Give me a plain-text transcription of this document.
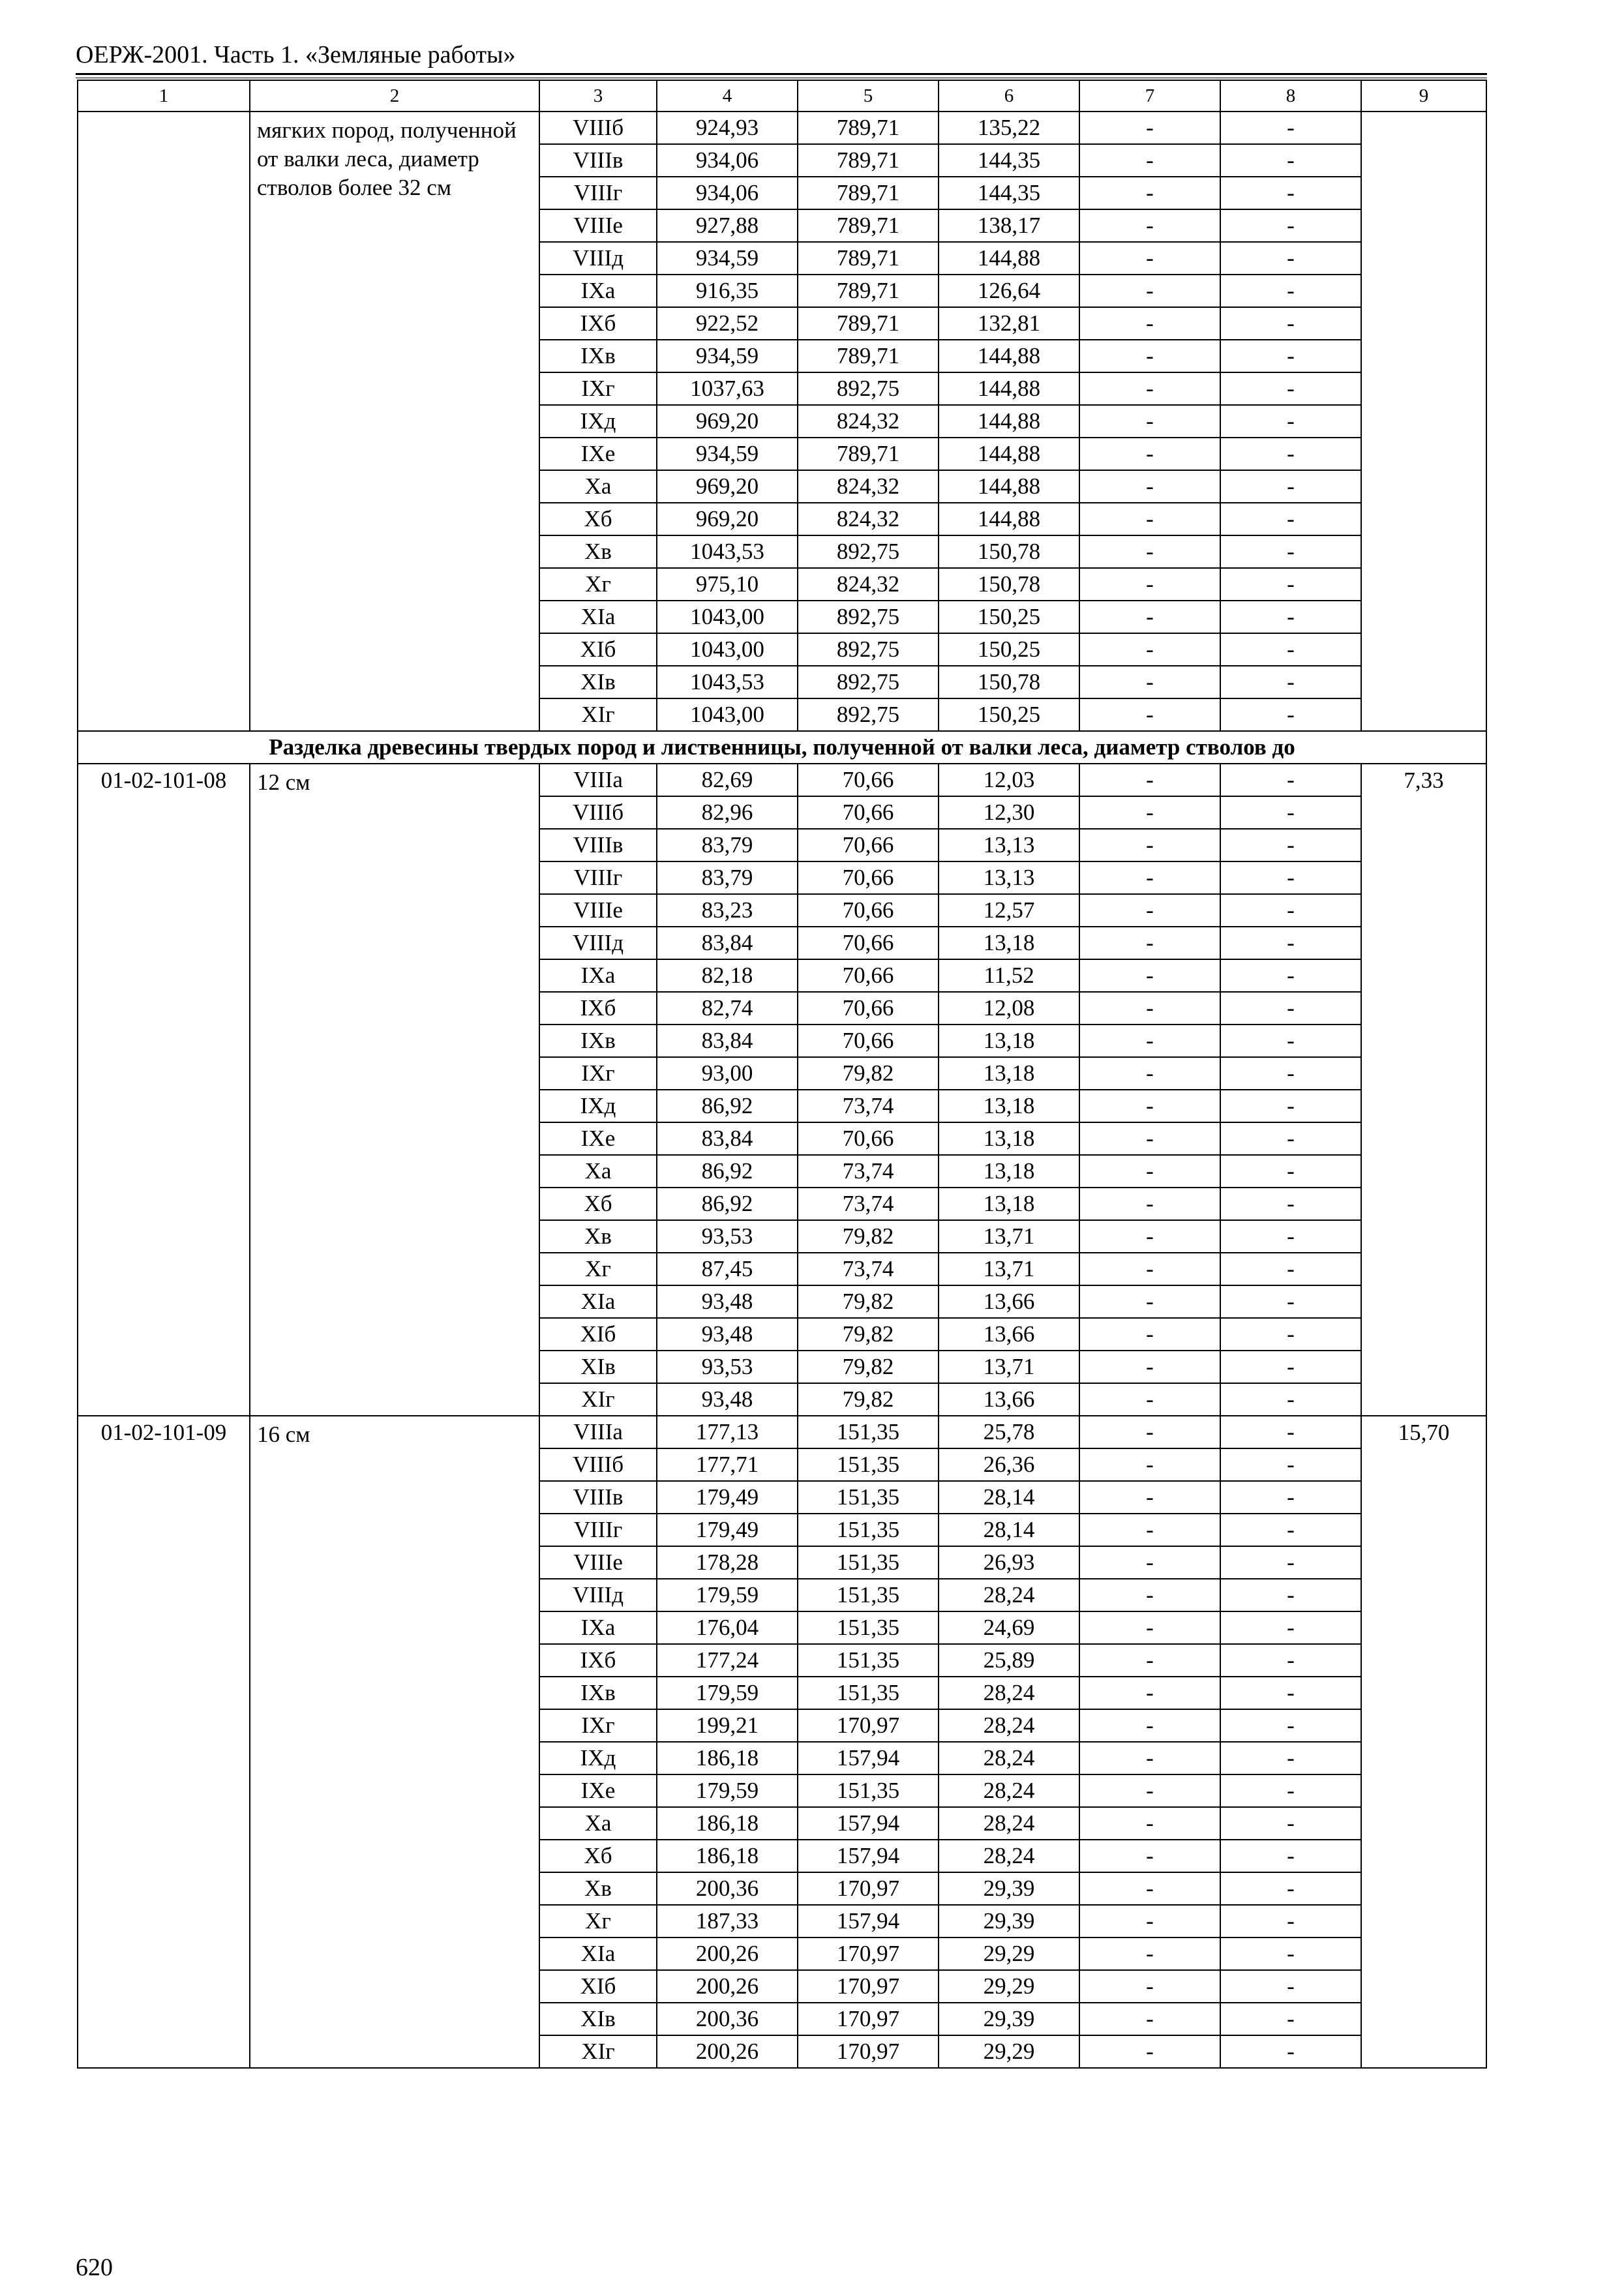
ОЕРЖ-2001. Часть 1. «Земляные работы»
1	2	3	4	5	6	7	8	9
	мягких пород, полученной от валки леса, диаметр стволов более 32 см	VIIIб	924,93	789,71	135,22	-	-	
		VIIIв	934,06	789,71	144,35	-	-	
		VIIIг	934,06	789,71	144,35	-	-	
		VIIIе	927,88	789,71	138,17	-	-	
		VIIIд	934,59	789,71	144,88	-	-	
		IXa	916,35	789,71	126,64	-	-	
		IXб	922,52	789,71	132,81	-	-	
		IXв	934,59	789,71	144,88	-	-	
		IXг	1037,63	892,75	144,88	-	-	
		IXд	969,20	824,32	144,88	-	-	
		IXе	934,59	789,71	144,88	-	-	
		Xa	969,20	824,32	144,88	-	-	
		Xб	969,20	824,32	144,88	-	-	
		Xв	1043,53	892,75	150,78	-	-	
		Xг	975,10	824,32	150,78	-	-	
		XIa	1043,00	892,75	150,25	-	-	
		XIб	1043,00	892,75	150,25	-	-	
		XIв	1043,53	892,75	150,78	-	-	
		XIг	1043,00	892,75	150,25	-	-	
Разделка древесины твердых пород и лиственницы, полученной от валки леса, диаметр стволов до								
01-02-101-08	12 см	VIIIa	82,69	70,66	12,03	-	-	7,33
		VIIIб	82,96	70,66	12,30	-	-	
		VIIIв	83,79	70,66	13,13	-	-	
		VIIIг	83,79	70,66	13,13	-	-	
		VIIIе	83,23	70,66	12,57	-	-	
		VIIIд	83,84	70,66	13,18	-	-	
		IXa	82,18	70,66	11,52	-	-	
		IXб	82,74	70,66	12,08	-	-	
		IXв	83,84	70,66	13,18	-	-	
		IXг	93,00	79,82	13,18	-	-	
		IXд	86,92	73,74	13,18	-	-	
		IXе	83,84	70,66	13,18	-	-	
		Xa	86,92	73,74	13,18	-	-	
		Xб	86,92	73,74	13,18	-	-	
		Xв	93,53	79,82	13,71	-	-	
		Xг	87,45	73,74	13,71	-	-	
		XIa	93,48	79,82	13,66	-	-	
		XIб	93,48	79,82	13,66	-	-	
		XIв	93,53	79,82	13,71	-	-	
		XIг	93,48	79,82	13,66	-	-	
01-02-101-09	16 см	VIIIa	177,13	151,35	25,78	-	-	15,70
		VIIIб	177,71	151,35	26,36	-	-	
		VIIIв	179,49	151,35	28,14	-	-	
		VIIIг	179,49	151,35	28,14	-	-	
		VIIIе	178,28	151,35	26,93	-	-	
		VIIIд	179,59	151,35	28,24	-	-	
		IXa	176,04	151,35	24,69	-	-	
		IXб	177,24	151,35	25,89	-	-	
		IXв	179,59	151,35	28,24	-	-	
		IXг	199,21	170,97	28,24	-	-	
		IXд	186,18	157,94	28,24	-	-	
		IXе	179,59	151,35	28,24	-	-	
		Xa	186,18	157,94	28,24	-	-	
		Xб	186,18	157,94	28,24	-	-	
		Xв	200,36	170,97	29,39	-	-	
		Xг	187,33	157,94	29,39	-	-	
		XIa	200,26	170,97	29,29	-	-	
		XIб	200,26	170,97	29,29	-	-	
		XIв	200,36	170,97	29,39	-	-	
		XIг	200,26	170,97	29,29	-	-	
620
